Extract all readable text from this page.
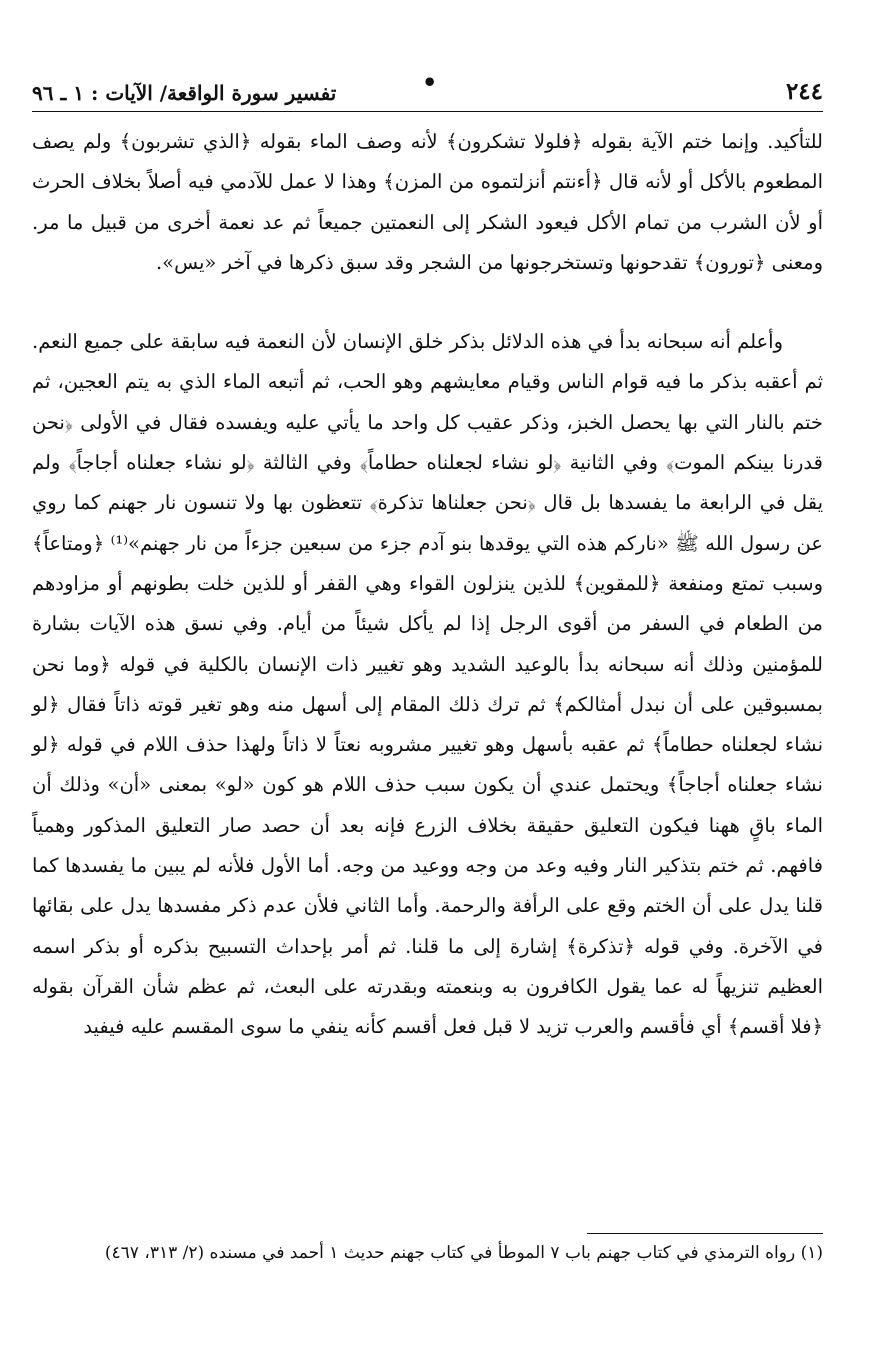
٢٤٤
•
تفسير سورة الواقعة/ الآيات : ١ ـ ٩٦

للتأكيد. وإنما ختم الآية بقوله ﴿فلولا تشكرون﴾ لأنه وصف الماء بقوله ﴿الذي تشربون﴾ ولم يصف المطعوم بالأكل أو لأنه قال ﴿أءنتم أنزلتموه من المزن﴾ وهذا لا عمل للآدمي فيه أصلاً بخلاف الحرث أو لأن الشرب من تمام الأكل فيعود الشكر إلى النعمتين جميعاً ثم عد نعمة أخرى من قبيل ما مر. ومعنى ﴿تورون﴾ تقدحونها وتستخرجونها من الشجر وقد سبق ذكرها في آخر «يس».

وأعلم أنه سبحانه بدأ في هذه الدلائل بذكر خلق الإنسان لأن النعمة فيه سابقة على جميع النعم. ثم أعقبه بذكر ما فيه قوام الناس وقيام معايشهم وهو الحب، ثم أتبعه الماء الذي به يتم العجين، ثم ختم بالنار التي بها يحصل الخبز، وذكر عقيب كل واحد ما يأتي عليه ويفسده فقال في الأولى ﴿نحن قدرنا بينكم الموت﴾ وفي الثانية ﴿لو نشاء لجعلناه حطاماً﴾ وفي الثالثة ﴿لو نشاء جعلناه أجاجاً﴾ ولم يقل في الرابعة ما يفسدها بل قال ﴿نحن جعلناها تذكرة﴾ تتعظون بها ولا تنسون نار جهنم كما روي عن رسول الله ﷺ «ناركم هذه التي يوقدها بنو آدم جزء من سبعين جزءاً من نار جهنم»⁽¹⁾ ﴿ومتاعاً﴾ وسبب تمتع ومنفعة ﴿للمقوين﴾ للذين ينزلون القواء وهي القفر أو للذين خلت بطونهم أو مزاودهم من الطعام في السفر من أقوى الرجل إذا لم يأكل شيئاً من أيام. وفي نسق هذه الآيات بشارة للمؤمنين وذلك أنه سبحانه بدأ بالوعيد الشديد وهو تغيير ذات الإنسان بالكلية في قوله ﴿وما نحن بمسبوقين على أن نبدل أمثالكم﴾ ثم ترك ذلك المقام إلى أسهل منه وهو تغير قوته ذاتاً فقال ﴿لو نشاء لجعلناه حطاماً﴾ ثم عقبه بأسهل وهو تغيير مشروبه نعتاً لا ذاتاً ولهذا حذف اللام في قوله ﴿لو نشاء جعلناه أجاجاً﴾ ويحتمل عندي أن يكون سبب حذف اللام هو كون «لو» بمعنى «أن» وذلك أن الماء باقٍ ههنا فيكون التعليق حقيقة بخلاف الزرع فإنه بعد أن حصد صار التعليق المذكور وهمياً فافهم. ثم ختم بتذكير النار وفيه وعد من وجه ووعيد من وجه. أما الأول فلأنه لم يبين ما يفسدها كما قلنا يدل على أن الختم وقع على الرأفة والرحمة. وأما الثاني فلأن عدم ذكر مفسدها يدل على بقائها في الآخرة. وفي قوله ﴿تذكرة﴾ إشارة إلى ما قلنا. ثم أمر بإحداث التسبيح بذكره أو بذكر اسمه العظيم تنزيهاً له عما يقول الكافرون به وبنعمته وبقدرته على البعث، ثم عظم شأن القرآن بقوله ﴿فلا أقسم﴾ أي فأقسم والعرب تزيد لا قبل فعل أقسم كأنه ينفي ما سوى المقسم عليه فيفيد

(١) رواه الترمذي في كتاب جهنم باب ٧ الموطأ في كتاب جهنم حديث ١ أحمد في مسنده (٢/ ٣١٣، ٤٦٧)
